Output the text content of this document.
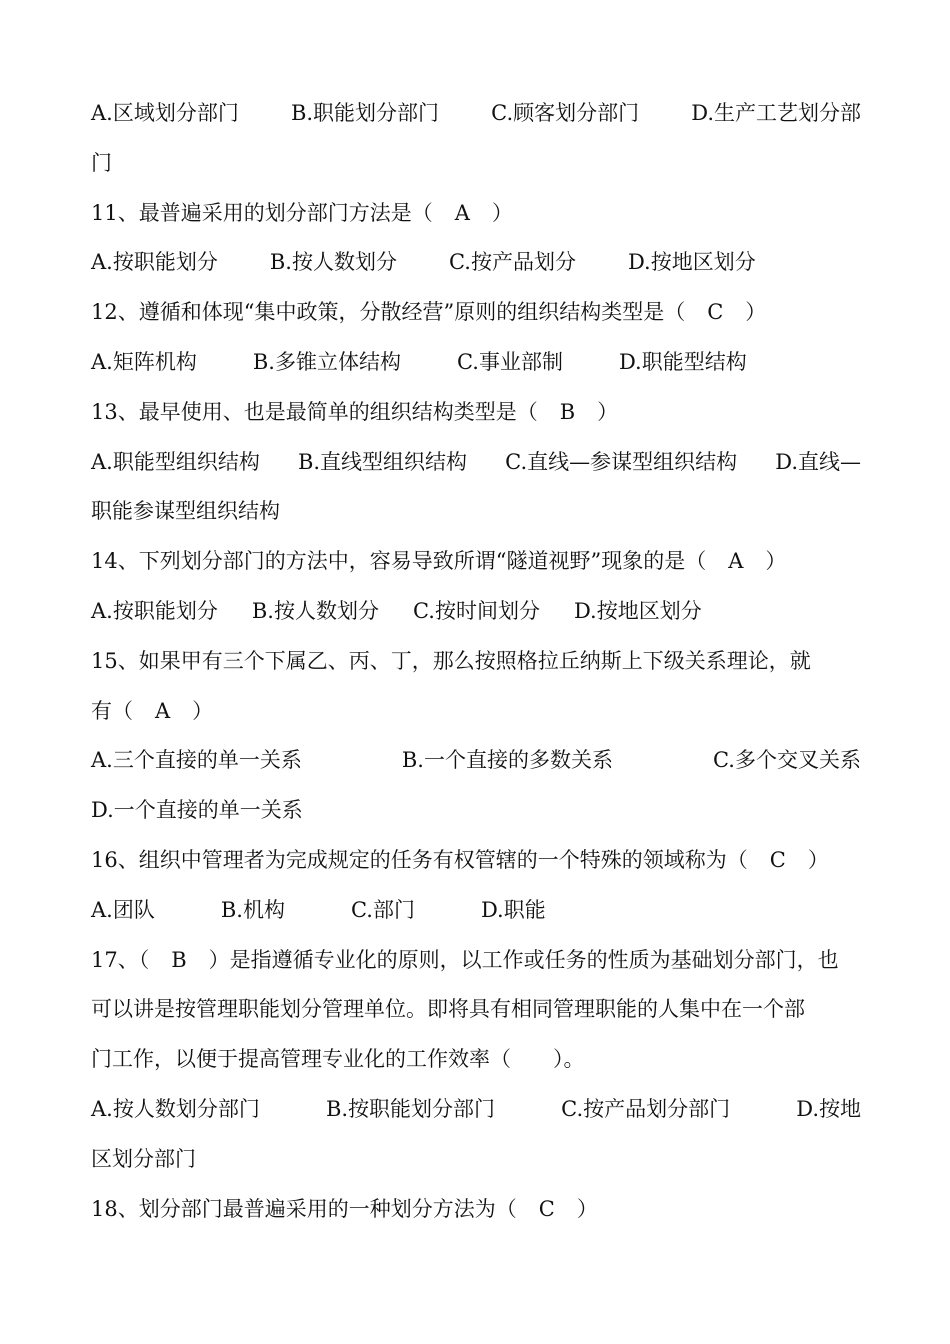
A.区域划分部门 B.职能划分部门 C.顾客划分部门 D.生产工艺划分部
门
11、最普遍采用的划分部门方法是（ A ）
A.按职能划分 B.按人数划分 C.按产品划分 D.按地区划分
12、遵循和体现“集中政策，分散经营”原则的组织结构类型是（ C ）
A.矩阵机构	B.多锥立体结构	C.事业部制	D.职能型结构
13、最早使用、也是最简单的组织结构类型是（ B ）
A.职能型组织结构 B.直线型组织结构 C.直线—参谋型组织结构 D.直线—
职能参谋型组织结构
14、下列划分部门的方法中，容易导致所谓“隧道视野”现象的是（ A ）
A.按职能划分 B.按人数划分 C.按时间划分 D.按地区划分
15、如果甲有三个下属乙、丙、丁，那么按照格拉丘纳斯上下级关系理论，就
有（ A ）
A.三个直接的单一关系	B.一个直接的多数关系	C.多个交叉关系
D.一个直接的单一关系
16、组织中管理者为完成规定的任务有权管辖的一个特殊的领域称为（ C ）
A.团队	B.机构	C.部门	D.职能
17、（ B ）是指遵循专业化的原则，以工作或任务的性质为基础划分部门，也
可以讲是按管理职能划分管理单位。即将具有相同管理职能的人集中在一个部
门工作，以便于提高管理专业化的工作效率（　　）。
A.按人数划分部门	B.按职能划分部门	C.按产品划分部门	D.按地
区划分部门
18、划分部门最普遍采用的一种划分方法为（ C ）
